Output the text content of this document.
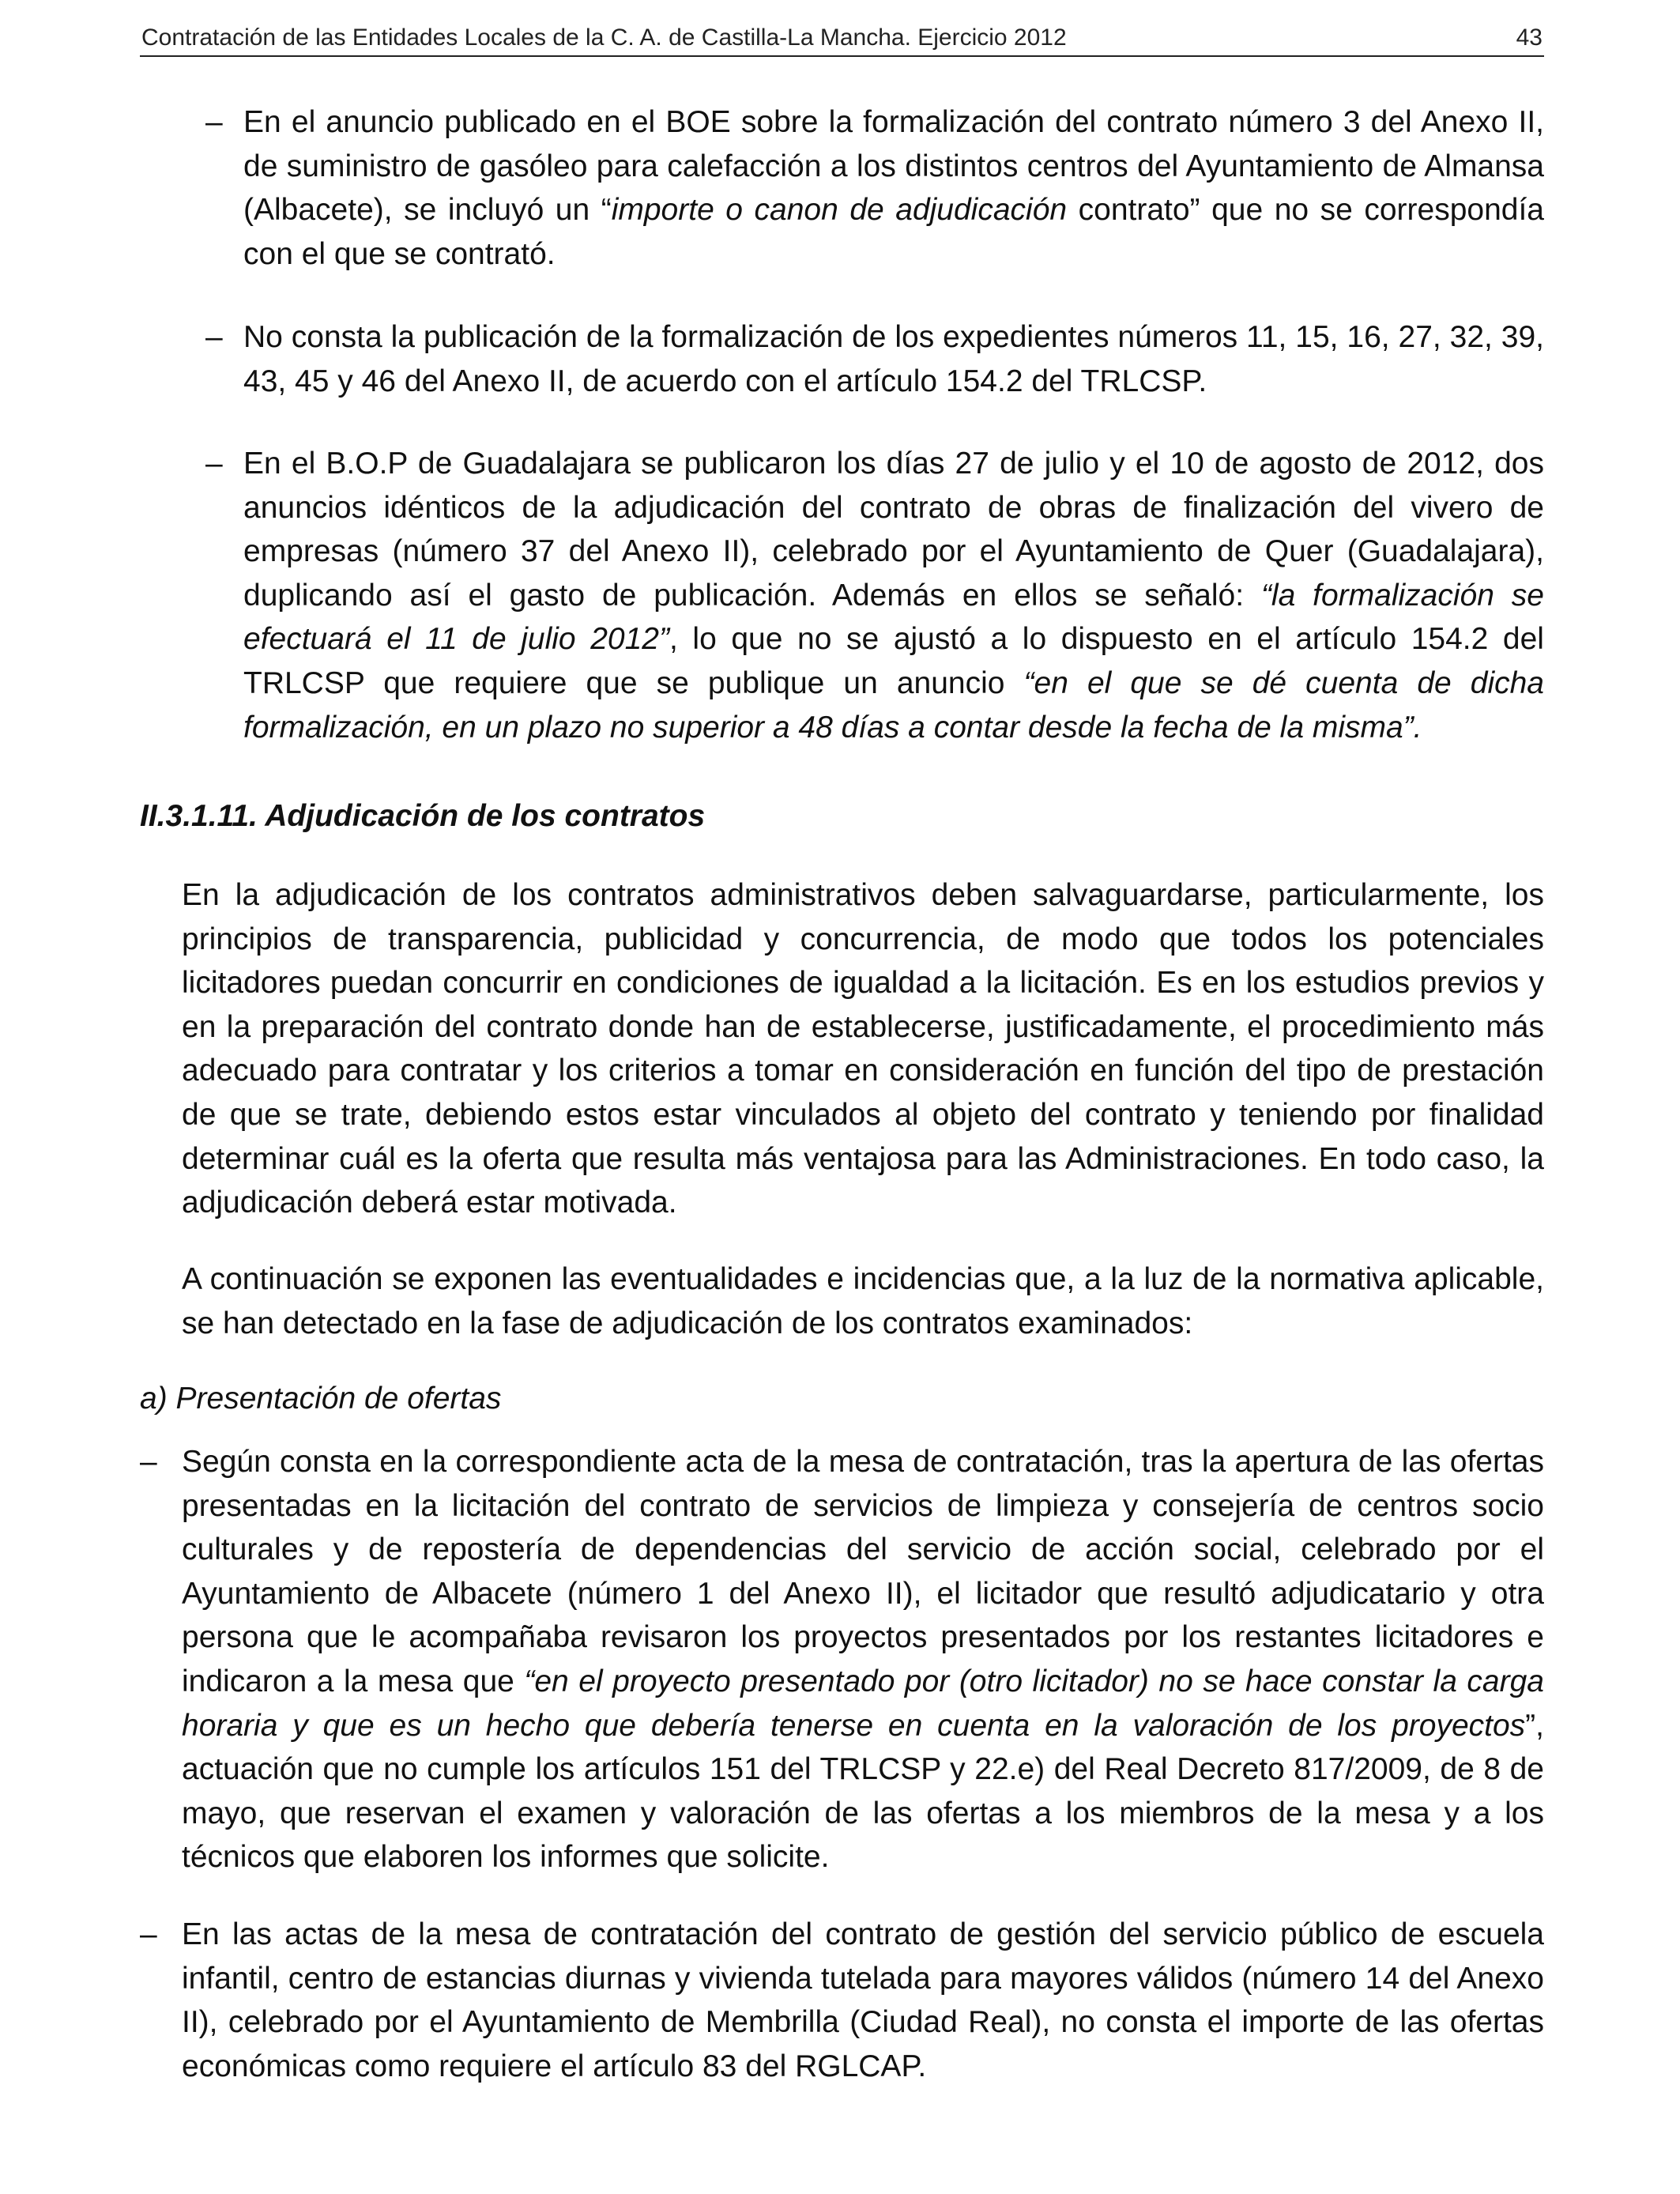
Contratación de las Entidades Locales de la C. A. de Castilla-La Mancha. Ejercicio 2012	43
– En el anuncio publicado en el BOE sobre la formalización del contrato número 3 del Anexo II, de suministro de gasóleo para calefacción a los distintos centros del Ayuntamiento de Almansa (Albacete), se incluyó un “importe o canon de adjudicación contrato” que no se correspondía con el que se contrató.
– No consta la publicación de la formalización de los expedientes números 11, 15, 16, 27, 32, 39, 43, 45 y 46 del Anexo II, de acuerdo con el artículo 154.2 del TRLCSP.
– En el B.O.P de Guadalajara se publicaron los días 27 de julio y el 10 de agosto de 2012, dos anuncios idénticos de la adjudicación del contrato de obras de finalización del vivero de empresas (número 37 del Anexo II), celebrado por el Ayuntamiento de Quer (Guadalajara), duplicando así el gasto de publicación. Además en ellos se señaló: “la formalización se efectuará el 11 de julio 2012”, lo que no se ajustó a lo dispuesto en el artículo 154.2 del TRLCSP que requiere que se publique un anuncio “en el que se dé cuenta de dicha formalización, en un plazo no superior a 48 días a contar desde la fecha de la misma”.
II.3.1.11. Adjudicación de los contratos
En la adjudicación de los contratos administrativos deben salvaguardarse, particularmente, los principios de transparencia, publicidad y concurrencia, de modo que todos los potenciales licitadores puedan concurrir en condiciones de igualdad a la licitación. Es en los estudios previos y en la preparación del contrato donde han de establecerse, justificadamente, el procedimiento más adecuado para contratar y los criterios a tomar en consideración en función del tipo de prestación de que se trate, debiendo estos estar vinculados al objeto del contrato y teniendo por finalidad determinar cuál es la oferta que resulta más ventajosa para las Administraciones. En todo caso, la adjudicación deberá estar motivada.
A continuación se exponen las eventualidades e incidencias que, a la luz de la normativa aplicable, se han detectado en la fase de adjudicación de los contratos examinados:
a) Presentación de ofertas
– Según consta en la correspondiente acta de la mesa de contratación, tras la apertura de las ofertas presentadas en la licitación del contrato de servicios de limpieza y consejería de centros socio culturales y de repostería de dependencias del servicio de acción social, celebrado por el Ayuntamiento de Albacete (número 1 del Anexo II), el licitador que resultó adjudicatario y otra persona que le acompañaba revisaron los proyectos presentados por los restantes licitadores e indicaron a la mesa que “en el proyecto presentado por (otro licitador) no se hace constar la carga horaria y que es un hecho que debería tenerse en cuenta en la valoración de los proyectos”, actuación que no cumple los artículos 151 del TRLCSP y 22.e) del Real Decreto 817/2009, de 8 de mayo, que reservan el examen y valoración de las ofertas a los miembros de la mesa y a los técnicos que elaboren los informes que solicite.
– En las actas de la mesa de contratación del contrato de gestión del servicio público de escuela infantil, centro de estancias diurnas y vivienda tutelada para mayores válidos (número 14 del Anexo II), celebrado por el Ayuntamiento de Membrilla (Ciudad Real), no consta el importe de las ofertas económicas como requiere el artículo 83 del RGLCAP.
